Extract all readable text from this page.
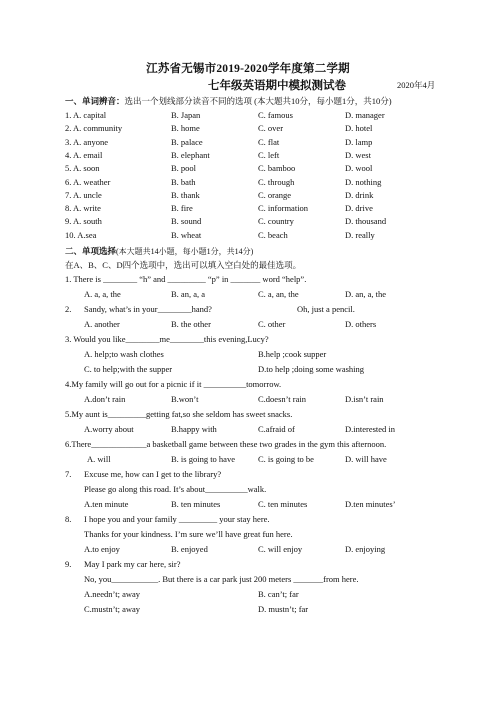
江苏省无锡市2019-2020学年度第二学期
七年级英语期中模拟测试卷	2020年4月
一、单词辨音：选出一个划线部分读音不同的选项 (本大题共10分，每小题1分，共10分)
1. A. capital	B. Japan	C. famous	D. manager
2. A. community	B. home	C. over	D. hotel
3. A. anyone	B. palace	C. flat	D. lamp
4. A. email	B. elephant	C. left	D. west
5. A. soon	B. pool	C. bamboo	D. wool
6. A. weather	B. bath	C. through	D. nothing
7. A. uncle	B. thank	C. orange	D. drink
8. A. write	B. fire	C. information	D. drive
9. A. south	B. sound	C. country	D. thousand
10. A.sea	B. wheat	C. beach	D. really
二、单项选择(本大题共14小题，每小题1分，共14分)
在A、B、C、D四个选项中，选出可以填入空白处的最佳选项。
1. There is ________ “h” and _________ “p” in _______ word “help”.
A. a, a, the	B. an, a, a	C. a, an, the	D. an, a, the
2. Sandy, what’s in your________hand?	Oh, just a pencil.
A. another	B. the other	C. other	D. others
3. Would you like________me________this evening,Lucy?
A. help;to wash clothes	B.help ;cook supper
C. to help;with the supper	D.to help ;doing some washing
4.My family will go out for a picnic if it __________tomorrow.
A.don’t rain	B.won’t	C.doesn’t rain	D.isn’t rain
5.My aunt is_________getting fat,so she seldom has sweet snacks.
A.worry about	B.happy with	C.afraid of	D.interested in
6.There_____________a basketball game between these two grades in the gym this afternoon.
A. will	B. is going to have	C. is going to be	D. will have
7. Excuse me, how can I get to the library?
Please go along this road. It’s about__________walk.
A.ten minute	B. ten minutes	C. ten minutes	D.ten minutes’
8. I hope you and your family _________ your stay here.
Thanks for your kindness. I’m sure we’ll have great fun here.
A.to enjoy	B. enjoyed	C. will enjoy	D. enjoying
9. May I park my car here, sir?
No, you___________. But there is a car park just 200 meters _______from here.
A.needn’t; away	B. can’t; far
C.mustn’t; away	D. mustn’t; far
